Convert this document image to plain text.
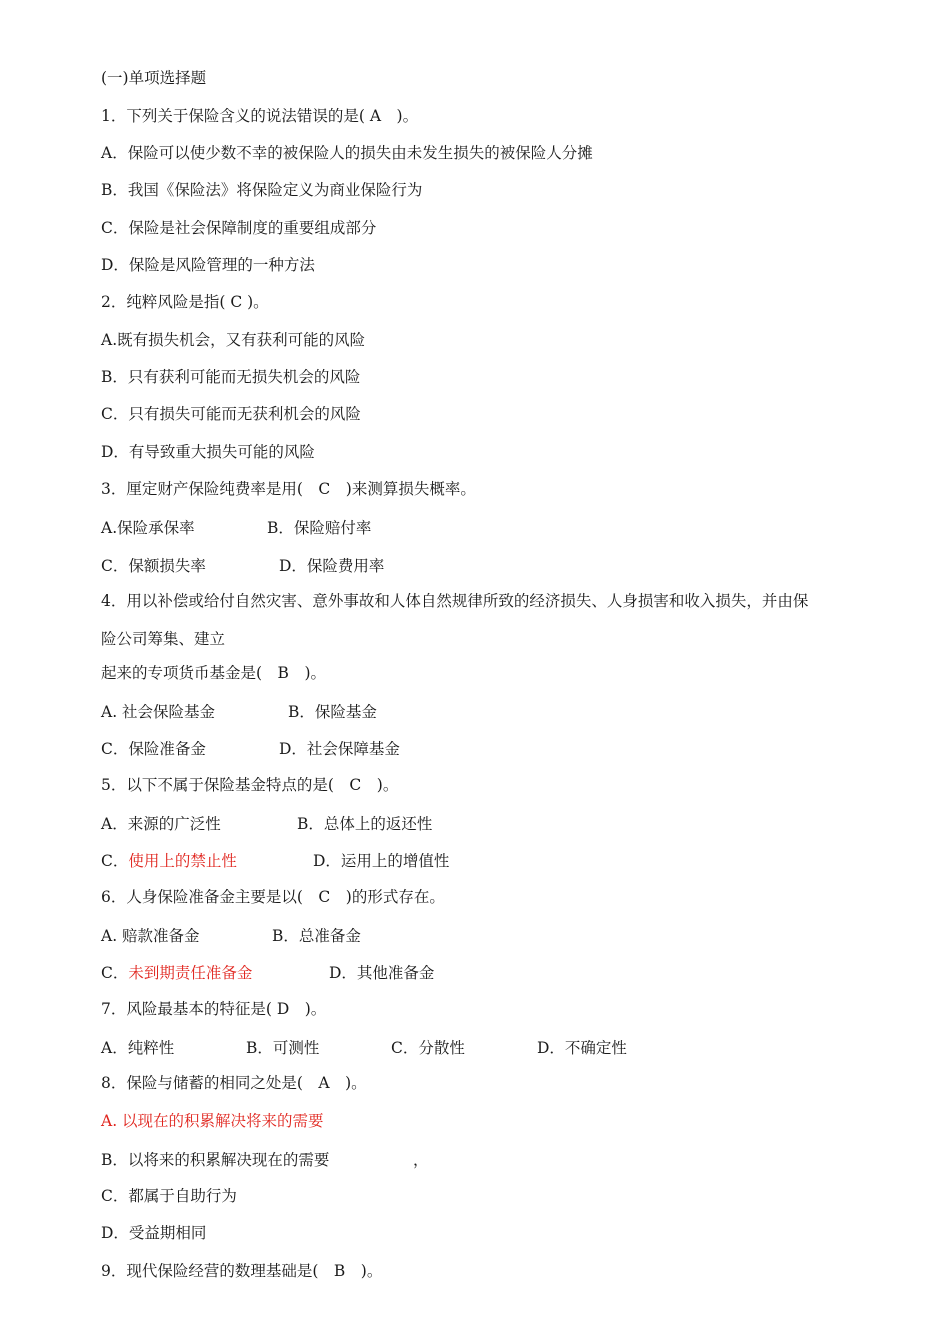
(一)单项选择题
1．下列关于保险含义的说法错误的是( A　)。
A．保险可以使少数不幸的被保险人的损失由未发生损失的被保险人分摊
B．我国《保险法》将保险定义为商业保险行为
C．保险是社会保障制度的重要组成部分
D．保险是风险管理的一种方法
2．纯粹风险是指( C )。
A.既有损失机会，又有获利可能的风险
B．只有获利可能而无损失机会的风险
C．只有损失可能而无获利机会的风险
D．有导致重大损失可能的风险
3．厘定财产保险纯费率是用(　C　)来测算损失概率。
A.保险承保率	B．保险赔付率
C．保额损失率	D．保险费用率
4．用以补偿或给付自然灾害、意外事故和人体自然规律所致的经济损失、人身损害和收入损失，并由保
险公司筹集、建立
起来的专项货币基金是(　B　)。
A. 社会保险基金	B．保险基金
C．保险准备金	D．社会保障基金
5．以下不属于保险基金特点的是(　C　)。
A．来源的广泛性	B．总体上的返还性
C．使用上的禁止性	D．运用上的增值性
6．人身保险准备金主要是以(　C　)的形式存在。
A. 赔款准备金	B．总准备金
C．未到期责任准备金	D．其他准备金
7．风险最基本的特征是( D　)。
A．纯粹性	B．可测性	C．分散性	D．不确定性
8．保险与储蓄的相同之处是(　A　)。
A. 以现在的积累解决将来的需要
B．以将来的积累解决现在的需要	，
C．都属于自助行为
D．受益期相同
9．现代保险经营的数理基础是(　B　)。
